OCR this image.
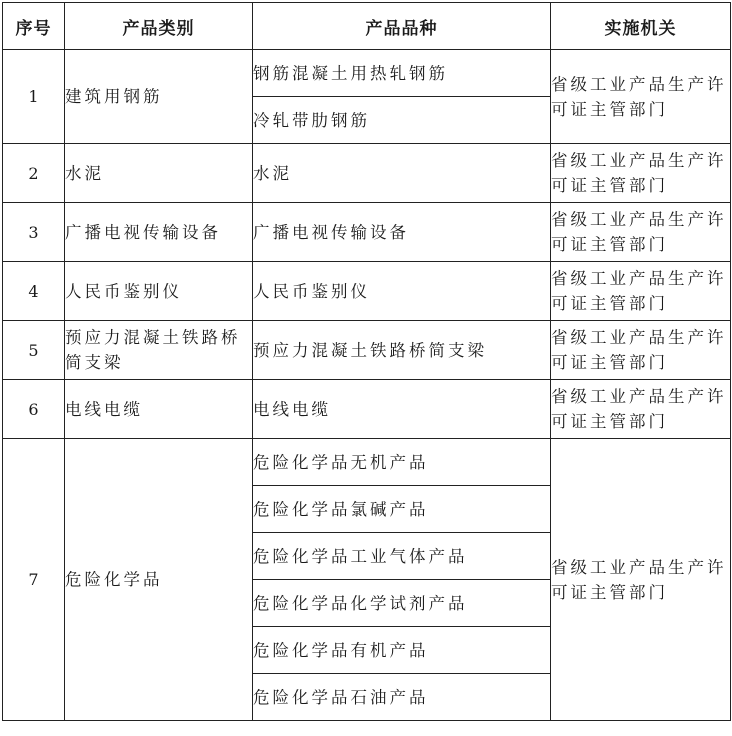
序号	产品类别	产品品种	实施机关
1	建筑用钢筋	钢筋混凝土用热轧钢筋	省级工业产品生产许可证主管部门
		冷轧带肋钢筋	
2	水泥	水泥	省级工业产品生产许可证主管部门
3	广播电视传输设备	广播电视传输设备	省级工业产品生产许可证主管部门
4	人民币鉴别仪	人民币鉴别仪	省级工业产品生产许可证主管部门
5	预应力混凝土铁路桥简支梁	预应力混凝土铁路桥简支梁	省级工业产品生产许可证主管部门
6	电线电缆	电线电缆	省级工业产品生产许可证主管部门
7	危险化学品	危险化学品无机产品	省级工业产品生产许可证主管部门
		危险化学品氯碱产品	
		危险化学品工业气体产品	
		危险化学品化学试剂产品	
		危险化学品有机产品	
		危险化学品石油产品	
